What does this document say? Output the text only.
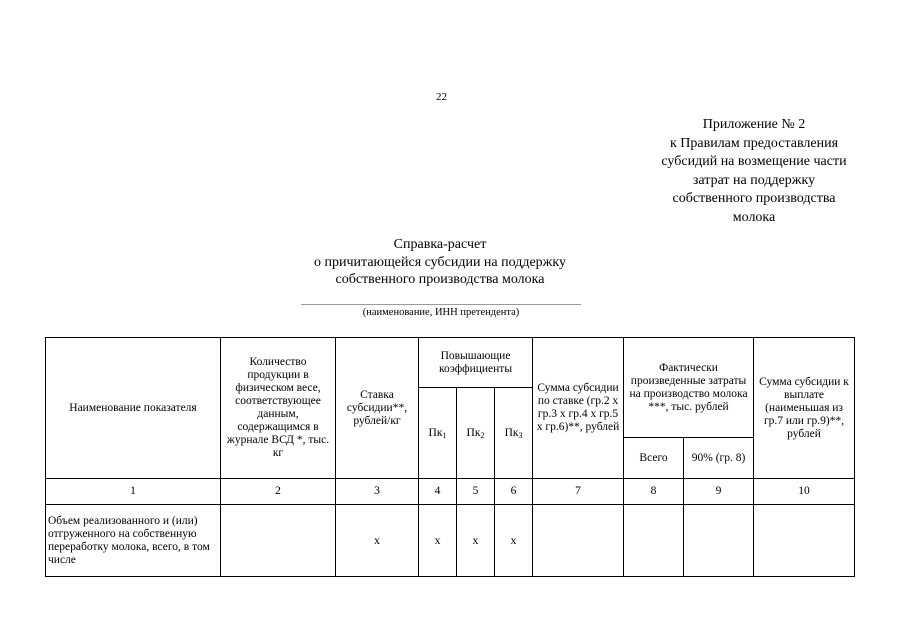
22
Приложение № 2
к Правилам предоставления
субсидий на возмещение части
затрат на поддержку
собственного производства
молока
Справка-расчет
о причитающейся субсидии на поддержку
собственного производства молока
(наименование, ИНН претендента)
Наименование показателя	Количество продукции в физическом весе, соответствующее данным, содержащимся в журнале ВСД *, тыс. кг	Ставка субсидии**, рублей/кг	Повышающие коэффициенты			Сумма субсидии по ставке (гр.2 х гр.3 х гр.4 х гр.5 х гр.6)**, рублей	Фактически произведенные затраты на производство молока ***, тыс. рублей		Сумма субсидии к выплате (наименьшая из гр.7 или гр.9)**, рублей
			Пк1	Пк2	Пк3				
							Всего	90% (гр. 8)	
1	2	3	4	5	6	7	8	9	10
Объем реализованного и (или) отгруженного на собственную переработку молока, всего, в том числе		x	x	x	x				
